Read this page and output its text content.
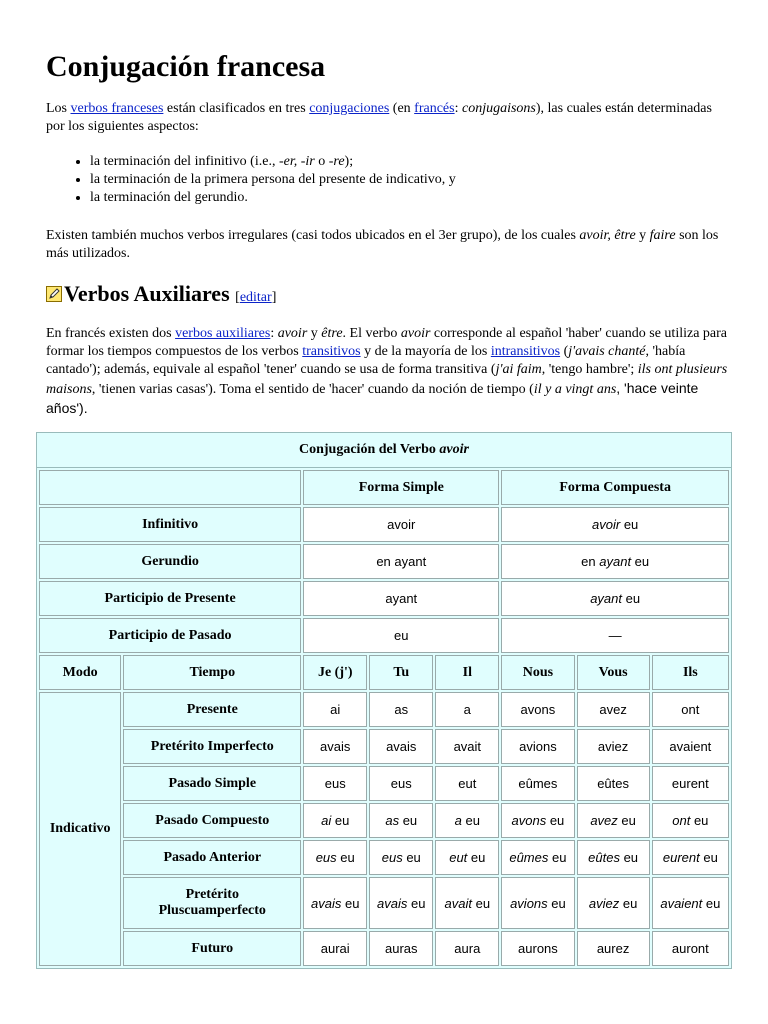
Conjugación francesa

Los verbos franceses están clasificados en tres conjugaciones (en francés: conjugaisons), las cuales están determinadas por los siguientes aspectos:

• la terminación del infinitivo (i.e., -er, -ir o -re);
• la terminación de la primera persona del presente de indicativo, y
• la terminación del gerundio.

Existen también muchos verbos irregulares (casi todos ubicados en el 3er grupo), de los cuales avoir, être y faire son los más utilizados.

Verbos Auxiliares [editar]

En francés existen dos verbos auxiliares: avoir y être. El verbo avoir corresponde al español 'haber' cuando se utiliza para formar los tiempos compuestos de los verbos transitivos y de la mayoría de los intransitivos (j'avais chanté, 'había cantado'); además, equivale al español 'tener' cuando se usa de forma transitiva (j'ai faim, 'tengo hambre'; ils ont plusieurs maisons, 'tienen varias casas'). Toma el sentido de 'hacer' cuando da noción de tiempo (il y a vingt ans, 'hace veinte años').

Conjugación del Verbo avoir
		Forma Simple			Forma Compuesta		
Infinitivo		avoir			avoir eu		
Gerundio		en ayant			en ayant eu		
Participio de Presente		ayant			ayant eu		
Participio de Pasado		eu			—		
Modo	Tiempo	Je (j')	Tu	Il	Nous	Vous	Ils
Indicativo	Presente	ai	as	a	avons	avez	ont
	Pretérito Imperfecto	avais	avais	avait	avions	aviez	avaient
	Pasado Simple	eus	eus	eut	eûmes	eûtes	eurent
	Pasado Compuesto	ai eu	as eu	a eu	avons eu	avez eu	ont eu
	Pasado Anterior	eus eu	eus eu	eut eu	eûmes eu	eûtes eu	eurent eu
	Pretérito
Pluscuamperfecto	avais eu	avais eu	avait eu	avions eu	aviez eu	avaient eu
	Futuro	aurai	auras	aura	aurons	aurez	auront
